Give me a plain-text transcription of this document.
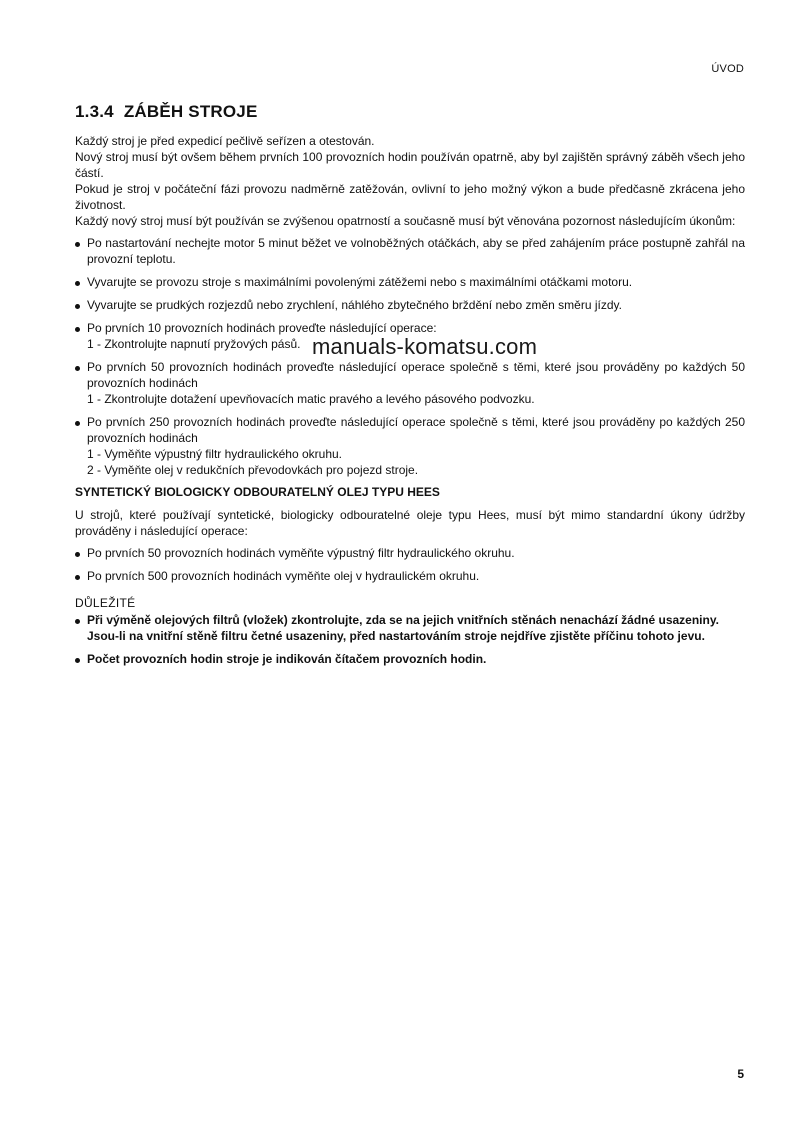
ÚVOD
1.3.4 ZÁBĚH STROJE

Každý stroj je před expedicí pečlivě seřízen a otestován.

Nový stroj musí být ovšem během prvních 100 provozních hodin používán opatrně, aby byl zajištěn správný záběh všech jeho částí.

Pokud je stroj v počáteční fázi provozu nadměrně zatěžován, ovlivní to jeho možný výkon a bude předčasně zkrácena jeho životnost.

Každý nový stroj musí být používán se zvýšenou opatrností a současně musí být věnována pozornost následujícím úkonům:

Po nastartování nechejte motor 5 minut běžet ve volnoběžných otáčkách, aby se před zahájením práce postupně zahřál na provozní teplotu.
Vyvarujte se provozu stroje s maximálními povolenými zátěžemi nebo s maximálními otáčkami motoru.
Vyvarujte se prudkých rozjezdů nebo zrychlení, náhlého zbytečného brždění nebo změn směru jízdy.
Po prvních 10 provozních hodinách proveďte následující operace:
1 - Zkontrolujte napnutí pryžových pásů.
Po prvních 50 provozních hodinách proveďte následující operace společně s těmi, které jsou prováděny po každých 50 provozních hodinách
1 - Zkontrolujte dotažení upevňovacích matic pravého a levého pásového podvozku.
Po prvních 250 provozních hodinách proveďte následující operace společně s těmi, které jsou prováděny po každých 250 provozních hodinách
1 - Vyměňte výpustný filtr hydraulického okruhu.
2 - Vyměňte olej v redukčních převodovkách pro pojezd stroje.
SYNTETICKÝ BIOLOGICKY ODBOURATELNÝ OLEJ TYPU HEES

U strojů, které používají syntetické, biologicky odbouratelné oleje typu Hees, musí být mimo standardní úkony údržby prováděny i následující operace:

Po prvních 50 provozních hodinách vyměňte výpustný filtr hydraulického okruhu.
Po prvních 500 provozních hodinách vyměňte olej v hydraulickém okruhu.
DŮLEŽITÉ
Při výměně olejových filtrů (vložek) zkontrolujte, zda se na jejich vnitřních stěnách nenachází žádné usazeniny.
Jsou-li na vnitřní stěně filtru četné usazeniny, před nastartováním stroje nejdříve zjistěte příčinu tohoto jevu.
Počet provozních hodin stroje je indikován čítačem provozních hodin.
manuals-komatsu.com
5
